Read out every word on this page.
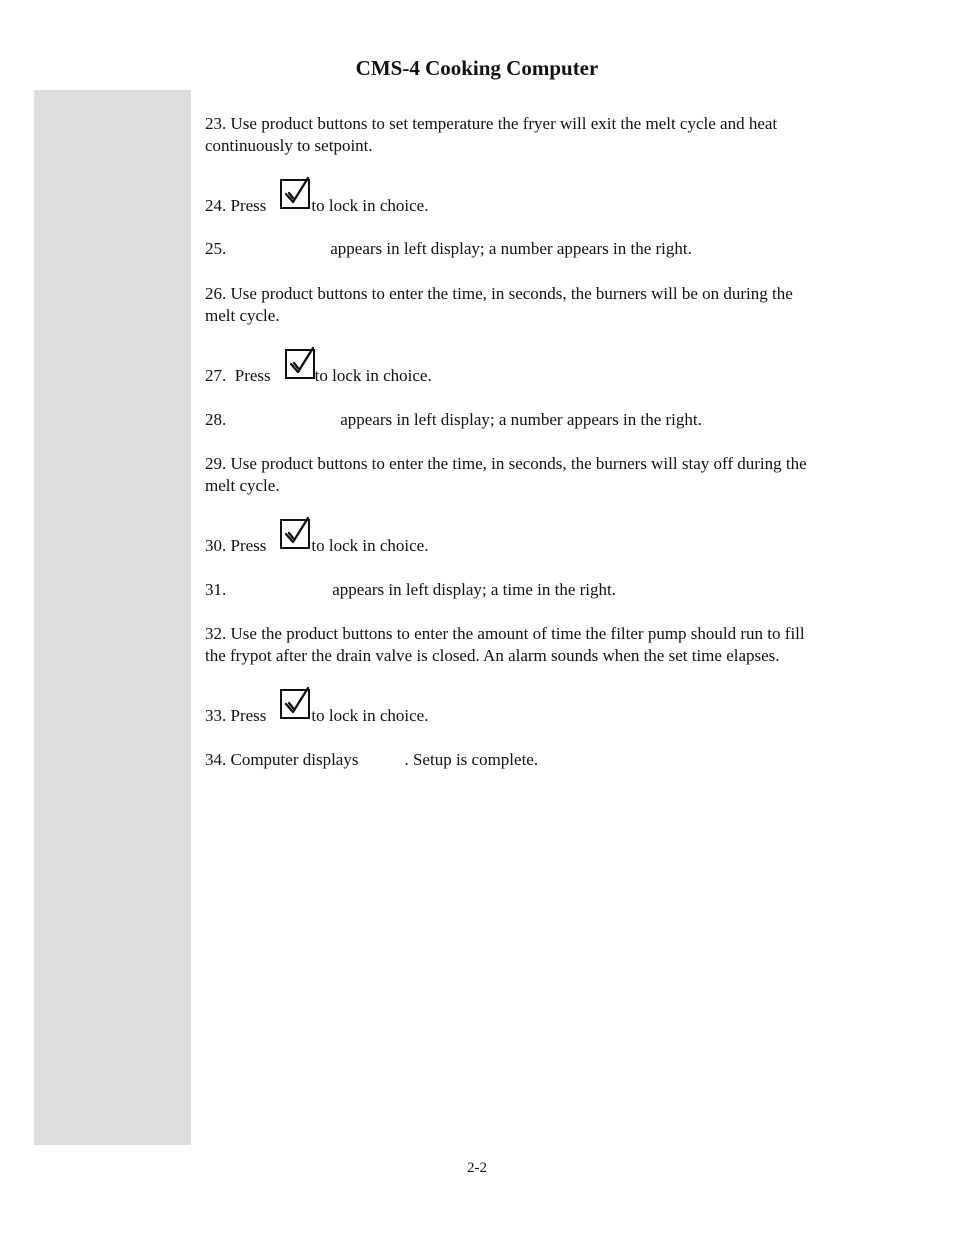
CMS-4 Cooking Computer

23. Use product buttons to set temperature the fryer will exit the melt cycle and heat continuously to setpoint.

24. Press	to lock in choice.

25.	appears in left display; a number appears in the right.

26. Use product buttons to enter the time, in seconds, the burners will be on during the melt cycle.

27.  Press	to lock in choice.

28.	appears in left display; a number appears in the right.

29. Use product buttons to enter the time, in seconds, the burners will stay off during the melt cycle.

30. Press	to lock in choice.

31.	appears in left display; a time in the right.

32. Use the product buttons to enter the amount of time the filter pump should run to fill the frypot after the drain valve is closed. An alarm sounds when the set time elapses.

33. Press	to lock in choice.

34. Computer displays	. Setup is complete.

2-2
